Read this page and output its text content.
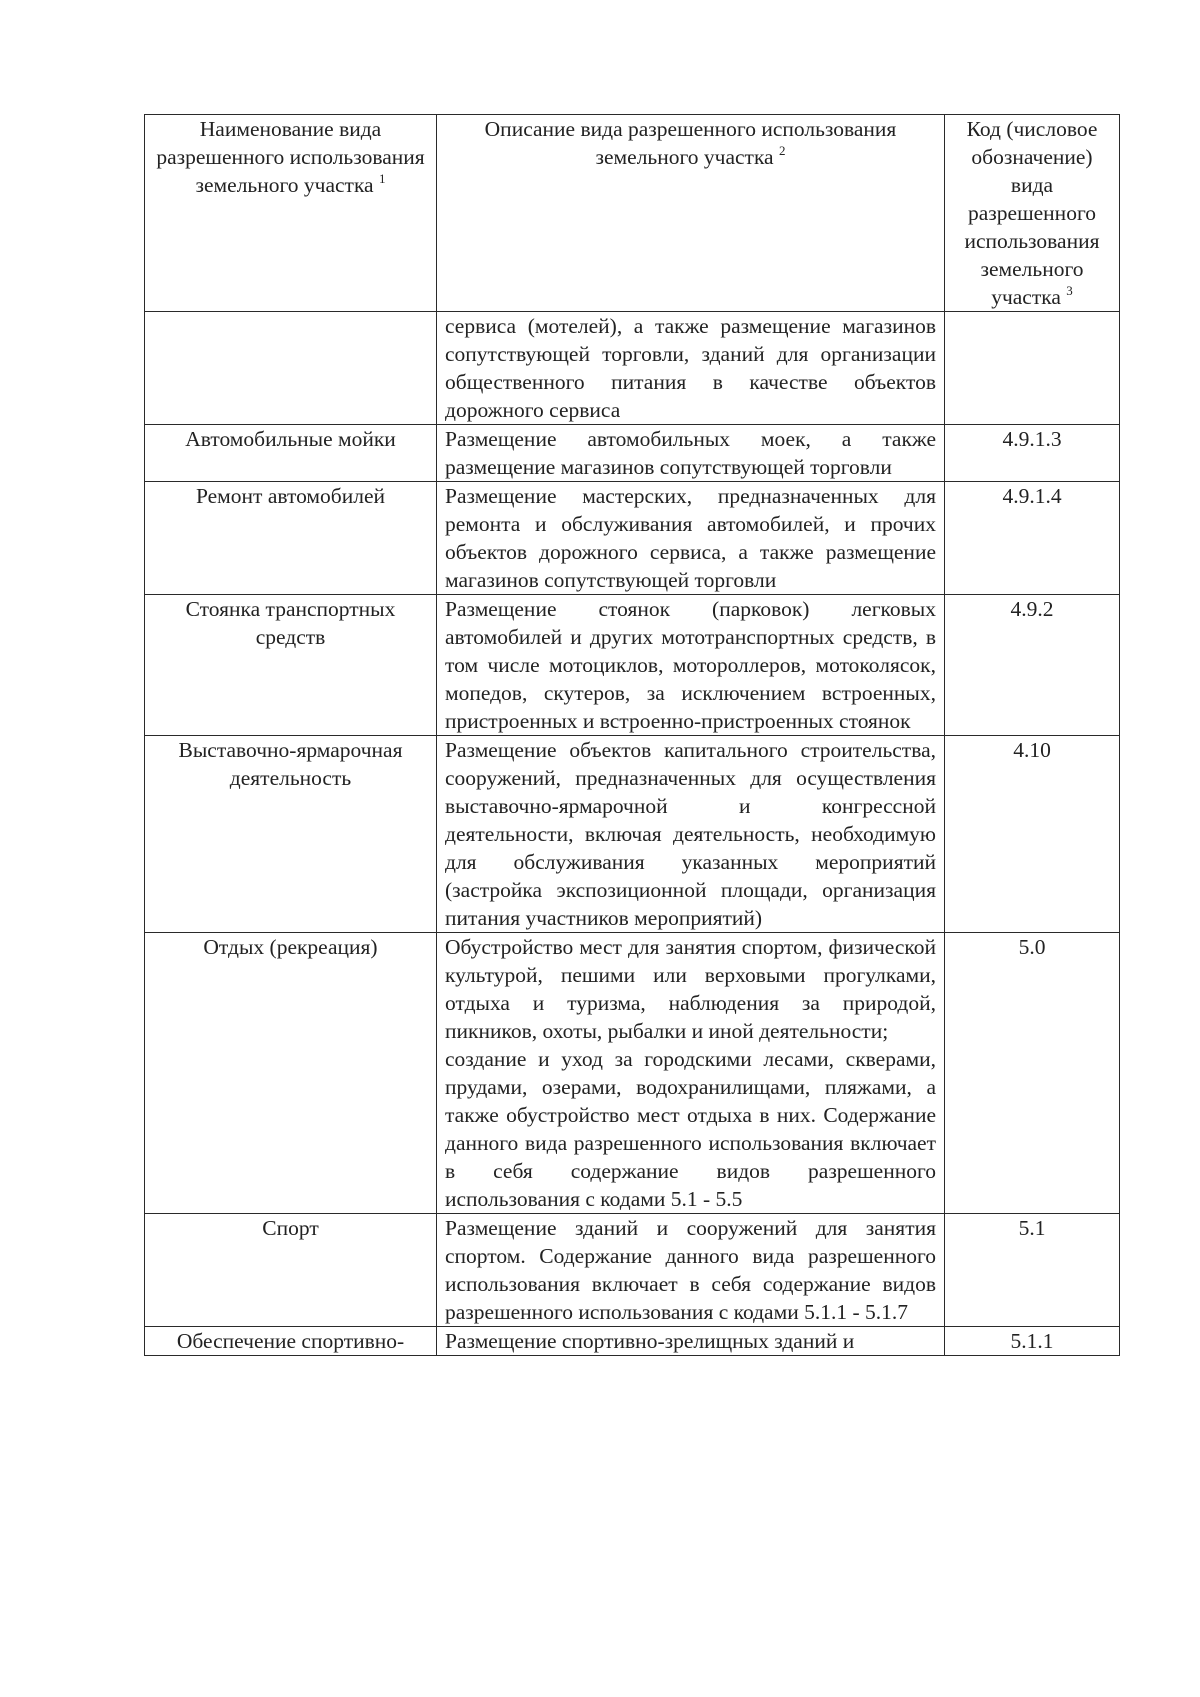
Наименование вида разрешенного использования земельного участка $^1$	Описание вида разрешенного использования земельного участка $^2$	Код (числовое обозначение) вида разрешенного использования земельного участка $^3$

	сервиса (мотелей), а также размещение магазинов сопутствующей торговли, зданий для организации общественного питания в качестве объектов дорожного сервиса	

Автомобильные мойки	Размещение автомобильных моек, а также размещение магазинов сопутствующей торговли	4.9.1.3
Ремонт автомобилей	Размещение мастерских, предназначенных для ремонта и обслуживания автомобилей, и прочих объектов дорожного сервиса, а также размещение магазинов сопутствующей торговли	4.9.1.4
Стоянка транспортных средств	Размещение стоянок (парковок) легковых автомобилей и других мототранспортных средств, в том числе мотоциклов, мотороллеров, мотоколясок, мопедов, скутеров, за исключением встроенных, пристроенных и встроенно-пристроенных стоянок	4.9.2
Выставочно-ярмарочная деятельность	Размещение объектов капитального строительства, сооружений, предназначенных для осуществления выставочно-ярмарочной и конгрессной деятельности, включая деятельность, необходимую для обслуживания указанных мероприятий (застройка экспозиционной площади, организация питания участников мероприятий)	4.10
Отдых (рекреация)	Обустройство мест для занятия спортом, физической культурой, пешими или верховыми прогулками, отдыха и туризма, наблюдения за природой, пикников, охоты, рыбалки и иной деятельности;
создание и уход за городскими лесами, скверами, прудами, озерами, водохранилищами, пляжами, а также обустройство мест отдыха в них. Содержание данного вида разрешенного использования включает в себя содержание видов разрешенного использования с кодами 5.1 - 5.5	5.0
Спорт	Размещение зданий и сооружений для занятия спортом. Содержание данного вида разрешенного использования включает в себя содержание видов разрешенного использования с кодами 5.1.1 - 5.1.7	5.1
Обеспечение спортивно-	Размещение спортивно-зрелищных зданий и	5.1.1
